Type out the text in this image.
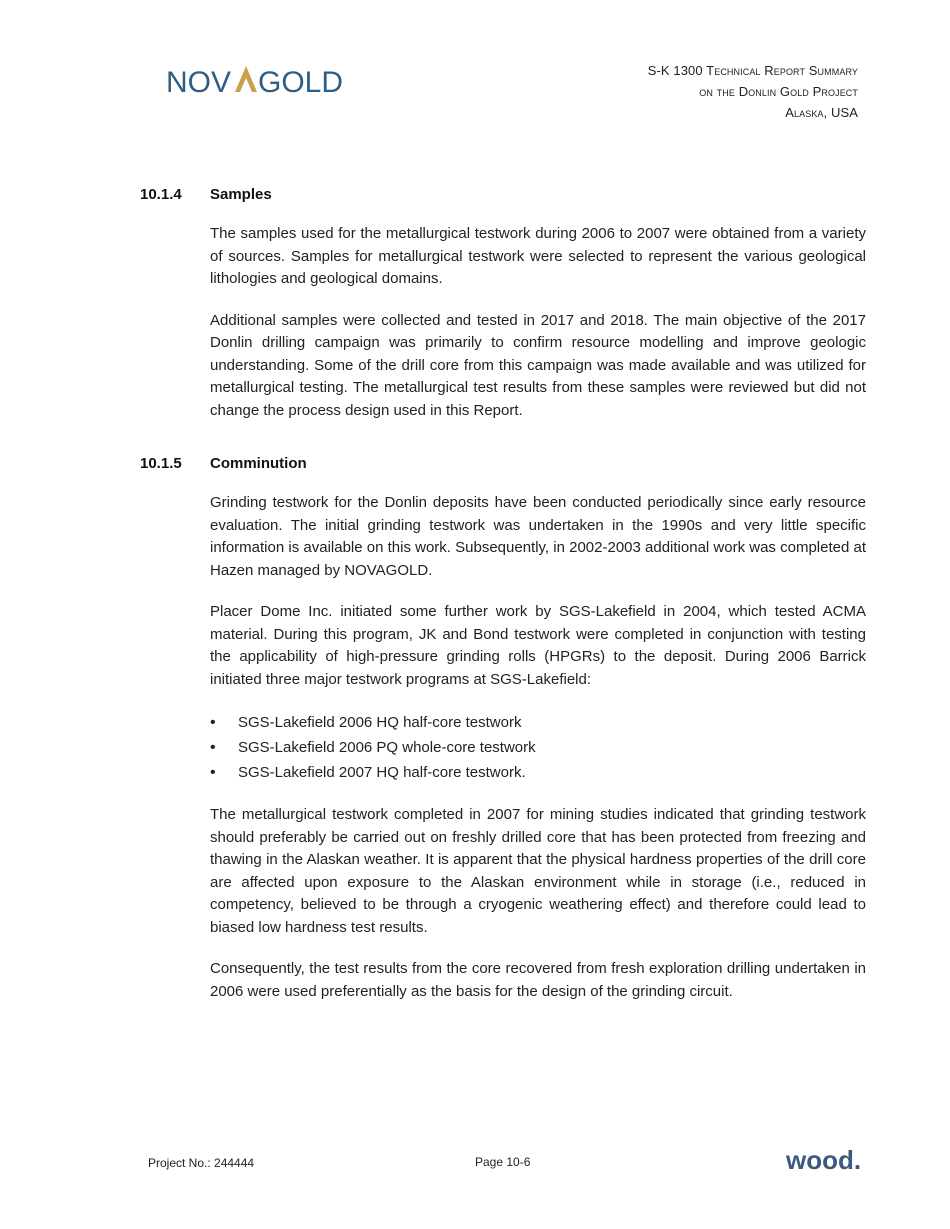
NOV GOLD	S-K 1300 Technical Report Summary
on the Donlin Gold Project
Alaska, USA
10.1.4 Samples

The samples used for the metallurgical testwork during 2006 to 2007 were obtained from a variety of sources. Samples for metallurgical testwork were selected to represent the various geological lithologies and geological domains.

Additional samples were collected and tested in 2017 and 2018. The main objective of the 2017 Donlin drilling campaign was primarily to confirm resource modelling and improve geologic understanding. Some of the drill core from this campaign was made available and was utilized for metallurgical testing. The metallurgical test results from these samples were reviewed but did not change the process design used in this Report.

10.1.5 Comminution

Grinding testwork for the Donlin deposits have been conducted periodically since early resource evaluation. The initial grinding testwork was undertaken in the 1990s and very little specific information is available on this work. Subsequently, in 2002-2003 additional work was completed at Hazen managed by NOVAGOLD.

Placer Dome Inc. initiated some further work by SGS-Lakefield in 2004, which tested ACMA material. During this program, JK and Bond testwork were completed in conjunction with testing the applicability of high-pressure grinding rolls (HPGRs) to the deposit. During 2006 Barrick initiated three major testwork programs at SGS-Lakefield:

• SGS-Lakefield 2006 HQ half-core testwork
• SGS-Lakefield 2006 PQ whole-core testwork
• SGS-Lakefield 2007 HQ half-core testwork.

The metallurgical testwork completed in 2007 for mining studies indicated that grinding testwork should preferably be carried out on freshly drilled core that has been protected from freezing and thawing in the Alaskan weather. It is apparent that the physical hardness properties of the drill core are affected upon exposure to the Alaskan environment while in storage (i.e., reduced in competency, believed to be through a cryogenic weathering effect) and therefore could lead to biased low hardness test results.

Consequently, the test results from the core recovered from fresh exploration drilling undertaken in 2006 were used preferentially as the basis for the design of the grinding circuit.

Project No.: 244444	Page 10-6	wood.
